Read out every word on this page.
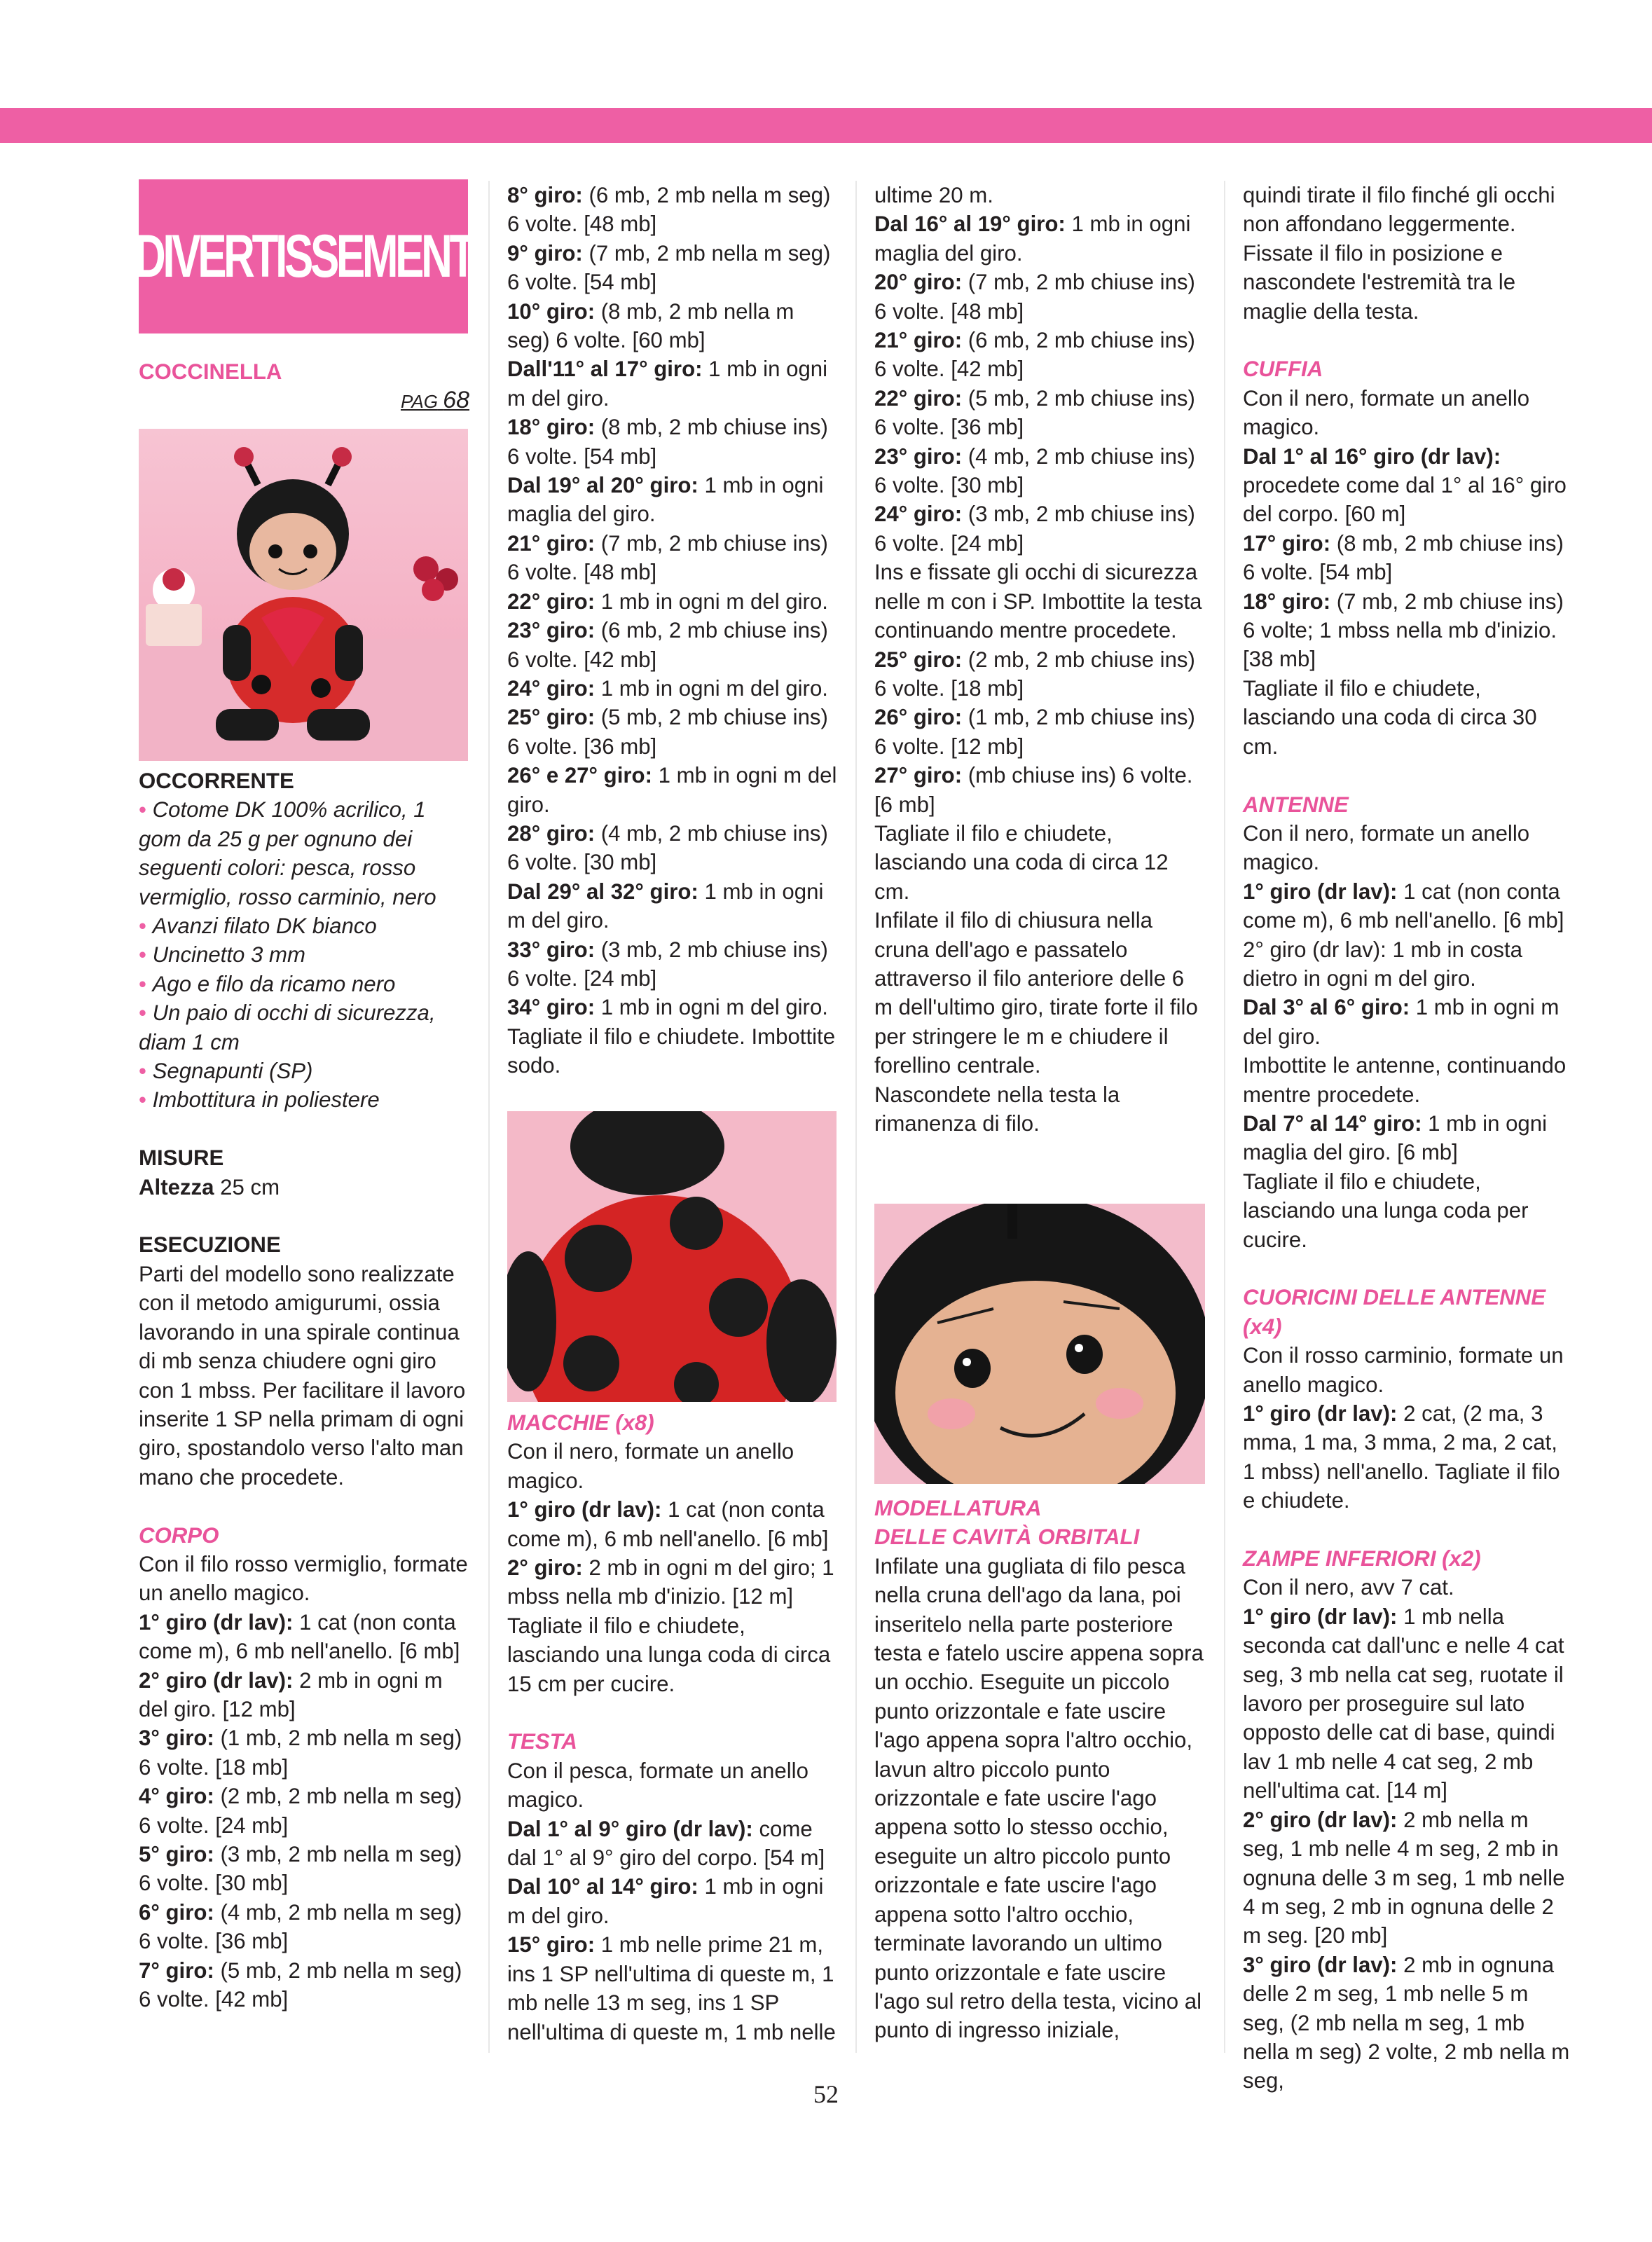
DIVERTISSEMENT

COCCINELLA

PAG 68

OCCORRENTE

• Cotome DK 100% acrilico, 1 gom da 25 g per ognuno dei seguenti colori: pesca, rosso vermiglio, rosso carminio, nero

• Avanzi filato DK bianco

• Uncinetto 3 mm

• Ago e filo da ricamo nero

• Un paio di occhi di sicurezza, diam 1 cm

• Segnapunti (SP)

• Imbottitura in poliestere

MISURE

Altezza 25 cm

ESECUZIONE

Parti del modello sono realizzate con il metodo amigurumi, ossia lavorando in una spirale continua di mb senza chiudere ogni giro con 1 mbss. Per facilitare il lavoro inserite 1 SP nella primam di ogni giro, spostandolo verso l'alto man mano che procedete.

CORPO

Con il filo rosso vermiglio, formate un anello magico.

1° giro (dr lav): 1 cat (non conta come m), 6 mb nell'anello. [6 mb]

2° giro (dr lav): 2 mb in ogni m del giro. [12 mb]

3° giro: (1 mb, 2 mb nella m seg) 6 volte. [18 mb]

4° giro: (2 mb, 2 mb nella m seg) 6 volte. [24 mb]

5° giro: (3 mb, 2 mb nella m seg) 6 volte. [30 mb]

6° giro: (4 mb, 2 mb nella m seg) 6 volte. [36 mb]

7° giro: (5 mb, 2 mb nella m seg) 6 volte. [42 mb]

8° giro: (6 mb, 2 mb nella m seg) 6 volte. [48 mb]

9° giro: (7 mb, 2 mb nella m seg) 6 volte. [54 mb]

10° giro: (8 mb, 2 mb nella m seg) 6 volte. [60 mb]

Dall'11° al 17° giro: 1 mb in ogni m del giro.

18° giro: (8 mb, 2 mb chiuse ins) 6 volte. [54 mb]

Dal 19° al 20° giro: 1 mb in ogni maglia del giro.

21° giro: (7 mb, 2 mb chiuse ins) 6 volte. [48 mb]

22° giro: 1 mb in ogni m del giro.

23° giro: (6 mb, 2 mb chiuse ins) 6 volte. [42 mb]

24° giro: 1 mb in ogni m del giro.

25° giro: (5 mb, 2 mb chiuse ins) 6 volte. [36 mb]

26° e 27° giro: 1 mb in ogni m del giro.

28° giro: (4 mb, 2 mb chiuse ins) 6 volte. [30 mb]

Dal 29° al 32° giro: 1 mb in ogni m del giro.

33° giro: (3 mb, 2 mb chiuse ins) 6 volte. [24 mb]

34° giro: 1 mb in ogni m del giro.

Tagliate il filo e chiudete. Imbottite sodo.

MACCHIE (x8)

Con il nero, formate un anello magico.

1° giro (dr lav): 1 cat (non conta come m), 6 mb nell'anello. [6 mb]

2° giro: 2 mb in ogni m del giro; 1 mbss nella mb d'inizio. [12 m]

Tagliate il filo e chiudete, lasciando una lunga coda di circa 15 cm per cucire.

TESTA

Con il pesca, formate un anello magico.

Dal 1° al 9° giro (dr lav): come dal 1° al 9° giro del corpo. [54 m]

Dal 10° al 14° giro: 1 mb in ogni m del giro.

15° giro: 1 mb nelle prime 21 m, ins 1 SP nell'ultima di queste m, 1 mb nelle 13 m seg, ins 1 SP nell'ultima di queste m, 1 mb nelle

ultime 20 m.

Dal 16° al 19° giro: 1 mb in ogni maglia del giro.

20° giro: (7 mb, 2 mb chiuse ins) 6 volte. [48 mb]

21° giro: (6 mb, 2 mb chiuse ins) 6 volte. [42 mb]

22° giro: (5 mb, 2 mb chiuse ins) 6 volte. [36 mb]

23° giro: (4 mb, 2 mb chiuse ins) 6 volte. [30 mb]

24° giro: (3 mb, 2 mb chiuse ins) 6 volte. [24 mb]

Ins e fissate gli occhi di sicurezza nelle m con i SP. Imbottite la testa continuando mentre procedete.

25° giro: (2 mb, 2 mb chiuse ins) 6 volte. [18 mb]

26° giro: (1 mb, 2 mb chiuse ins) 6 volte. [12 mb]

27° giro: (mb chiuse ins) 6 volte. [6 mb]

Tagliate il filo e chiudete, lasciando una coda di circa 12 cm.

Infilate il filo di chiusura nella cruna dell'ago e passatelo attraverso il filo anteriore delle 6 m dell'ultimo giro, tirate forte il filo per stringere le m e chiudere il forellino centrale.

Nascondete nella testa la rimanenza di filo.

MODELLATURA
DELLE CAVITÀ ORBITALI

Infilate una gugliata di filo pesca nella cruna dell'ago da lana, poi inseritelo nella parte posteriore testa e fatelo uscire appena sopra un occhio. Eseguite un piccolo punto orizzontale e fate uscire l'ago appena sopra l'altro occhio, lavun altro piccolo punto orizzontale e fate uscire l'ago appena sotto lo stesso occhio, eseguite un altro piccolo punto orizzontale e fate uscire l'ago appena sotto l'altro occhio, terminate lavorando un ultimo punto orizzontale e fate uscire l'ago sul retro della testa, vicino al punto di ingresso iniziale,

quindi tirate il filo finché gli occhi non affondano leggermente.

Fissate il filo in posizione e nascondete l'estremità tra le maglie della testa.

CUFFIA

Con il nero, formate un anello magico.

Dal 1° al 16° giro (dr lav): procedete come dal 1° al 16° giro del corpo. [60 m]

17° giro: (8 mb, 2 mb chiuse ins) 6 volte. [54 mb]

18° giro: (7 mb, 2 mb chiuse ins) 6 volte; 1 mbss nella mb d'inizio. [38 mb]

Tagliate il filo e chiudete, lasciando una coda di circa 30 cm.

ANTENNE

Con il nero, formate un anello magico.

1° giro (dr lav): 1 cat (non conta come m), 6 mb nell'anello. [6 mb]

2° giro (dr lav): 1 mb in costa dietro in ogni m del giro.

Dal 3° al 6° giro: 1 mb in ogni m del giro.

Imbottite le antenne, continuando mentre procedete.

Dal 7° al 14° giro: 1 mb in ogni maglia del giro. [6 mb]

Tagliate il filo e chiudete, lasciando una lunga coda per cucire.

CUORICINI DELLE ANTENNE
(x4)

Con il rosso carminio, formate un anello magico.

1° giro (dr lav): 2 cat, (2 ma, 3 mma, 1 ma, 3 mma, 2 ma, 2 cat, 1 mbss) nell'anello. Tagliate il filo e chiudete.

ZAMPE INFERIORI (x2)

Con il nero, avv 7 cat.

1° giro (dr lav): 1 mb nella seconda cat dall'unc e nelle 4 cat seg, 3 mb nella cat seg, ruotate il lavoro per proseguire sul lato opposto delle cat di base, quindi lav 1 mb nelle 4 cat seg, 2 mb nell'ultima cat. [14 m]

2° giro (dr lav): 2 mb nella m seg, 1 mb nelle 4 m seg, 2 mb in ognuna delle 3 m seg, 1 mb nelle 4 m seg, 2 mb in ognuna delle 2 m seg. [20 mb]

3° giro (dr lav): 2 mb in ognuna delle 2 m seg, 1 mb nelle 5 m seg, (2 mb nella m seg, 1 mb nella m seg) 2 volte, 2 mb nella m seg,

52
